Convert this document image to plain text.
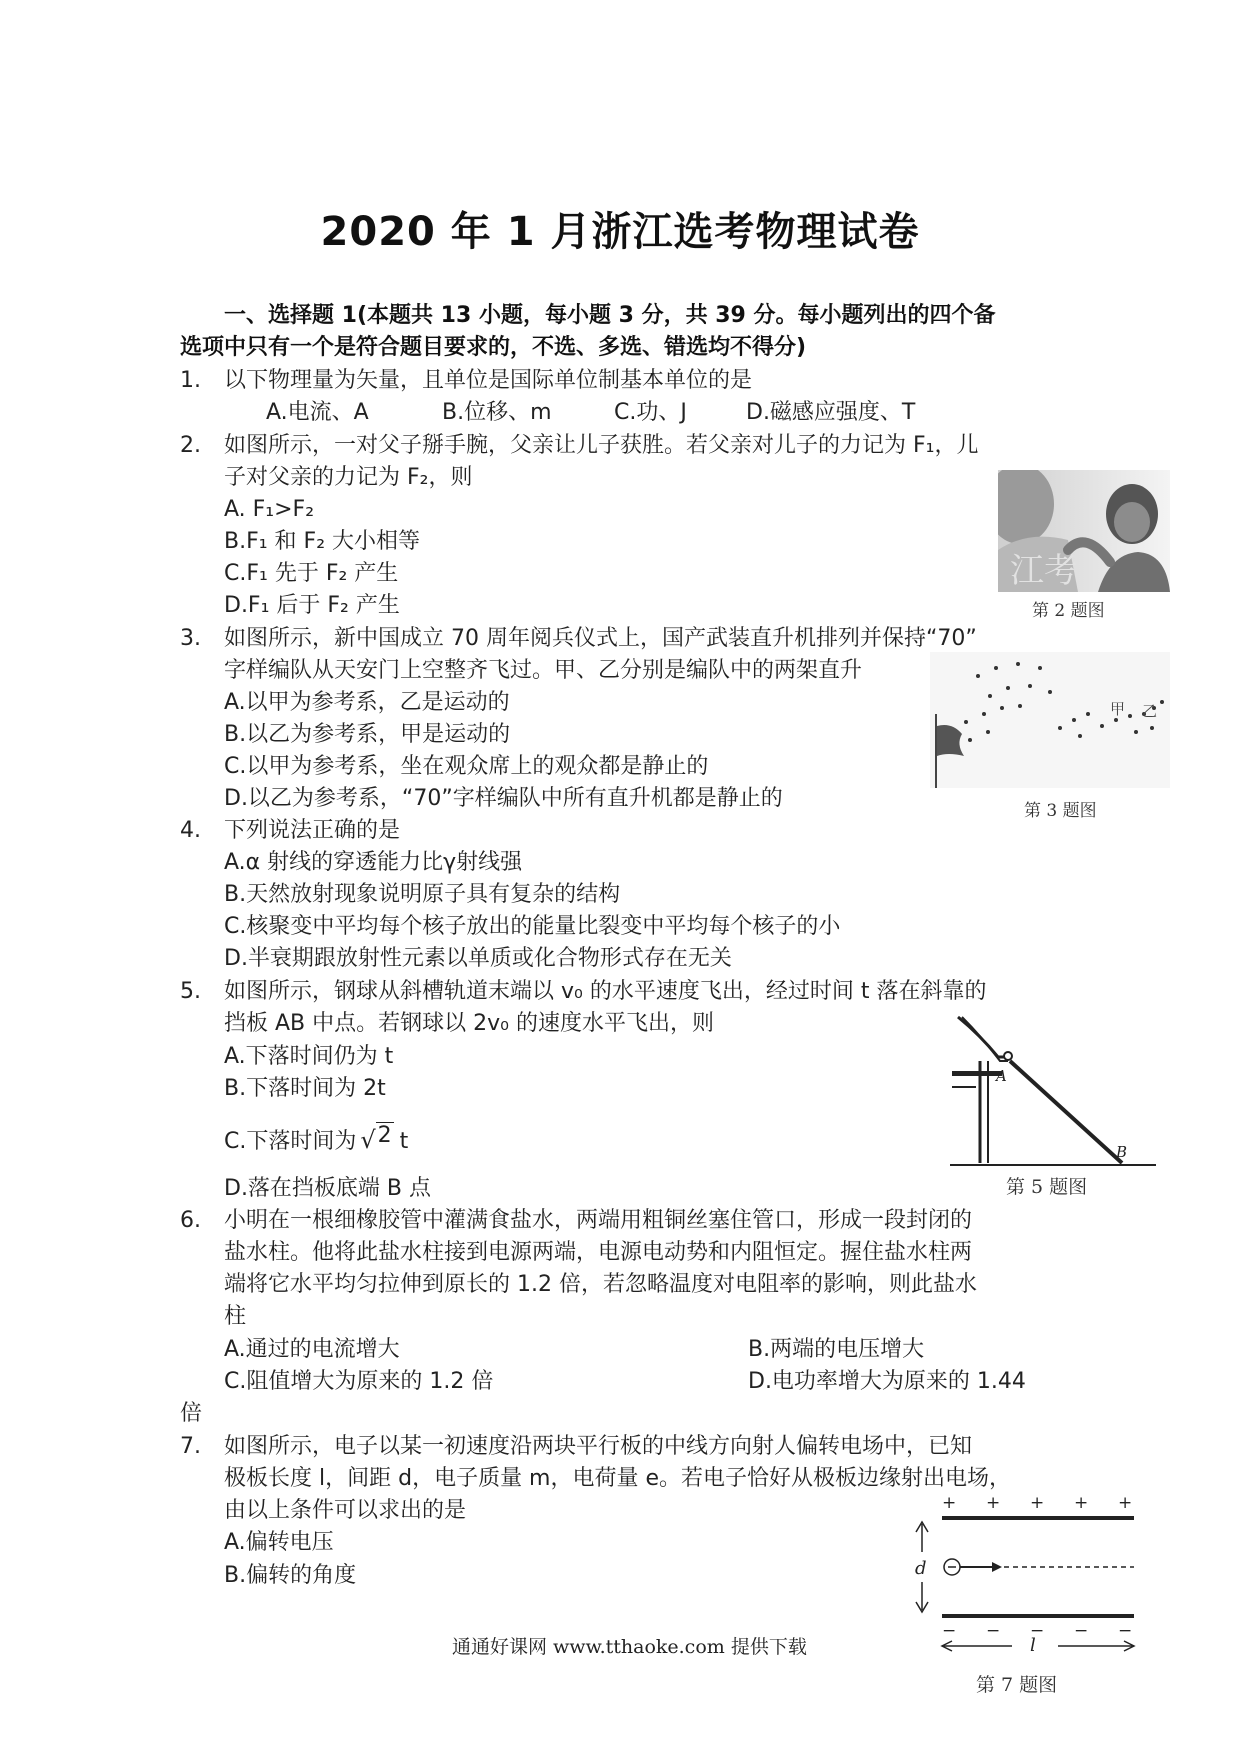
2020 年 1 月浙江选考物理试卷
一、选择题 1(本题共 13 小题，每小题 3 分，共 39 分。每小题列出的四个备
选项中只有一个是符合题目要求的，不选、多选、错选均不得分)
1. 以下物理量为矢量，且单位是国际单位制基本单位的是
A.电流、A	B.位移、m	C.功、J	D.磁感应强度、T
2. 如图所示，一对父子掰手腕，父亲让儿子获胜。若父亲对儿子的力记为 F₁，儿
子对父亲的力记为 F₂，则
A. F₁>F₂
B.F₁ 和 F₂ 大小相等
C.F₁ 先于 F₂ 产生
D.F₁ 后于 F₂ 产生
江考
第 2 题图
3. 如图所示，新中国成立 70 周年阅兵仪式上，国产武装直升机排列并保持“70”
字样编队从天安门上空整齐飞过。甲、乙分别是编队中的两架直升
A.以甲为参考系，乙是运动的
B.以乙为参考系，甲是运动的
C.以甲为参考系，坐在观众席上的观众都是静止的
D.以乙为参考系，“70”字样编队中所有直升机都是静止的
甲 乙
第 3 题图
4. 下列说法正确的是
A.α 射线的穿透能力比γ射线强
B.天然放射现象说明原子具有复杂的结构
C.核聚变中平均每个核子放出的能量比裂变中平均每个核子的小
D.半衰期跟放射性元素以单质或化合物形式存在无关
5. 如图所示，钢球从斜槽轨道末端以 v₀ 的水平速度飞出，经过时间 t 落在斜靠的
挡板 AB 中点。若钢球以 2v₀ 的速度水平飞出，则
A.下落时间仍为 t
B.下落时间为 2t
C.下落时间为 √2 t
D.落在挡板底端 B 点
A
B
第 5 题图
6. 小明在一根细橡胶管中灌满食盐水，两端用粗铜丝塞住管口，形成一段封闭的
盐水柱。他将此盐水柱接到电源两端，电源电动势和内阻恒定。握住盐水柱两
端将它水平均匀拉伸到原长的 1.2 倍，若忽略温度对电阻率的影响，则此盐水
柱
A.通过的电流增大	B.两端的电压增大
C.阻值增大为原来的 1.2 倍	D.电功率增大为原来的 1.44
倍
7. 如图所示，电子以某一初速度沿两块平行板的中线方向射人偏转电场中，已知
极板长度 l，间距 d，电子质量 m，电荷量 e。若电子恰好从极板边缘射出电场，
由以上条件可以求出的是
A.偏转电压
B.偏转的角度
+ + + + +
− − − − −
d
l
第 7 题图
通通好课网 www.tthaoke.com 提供下载
